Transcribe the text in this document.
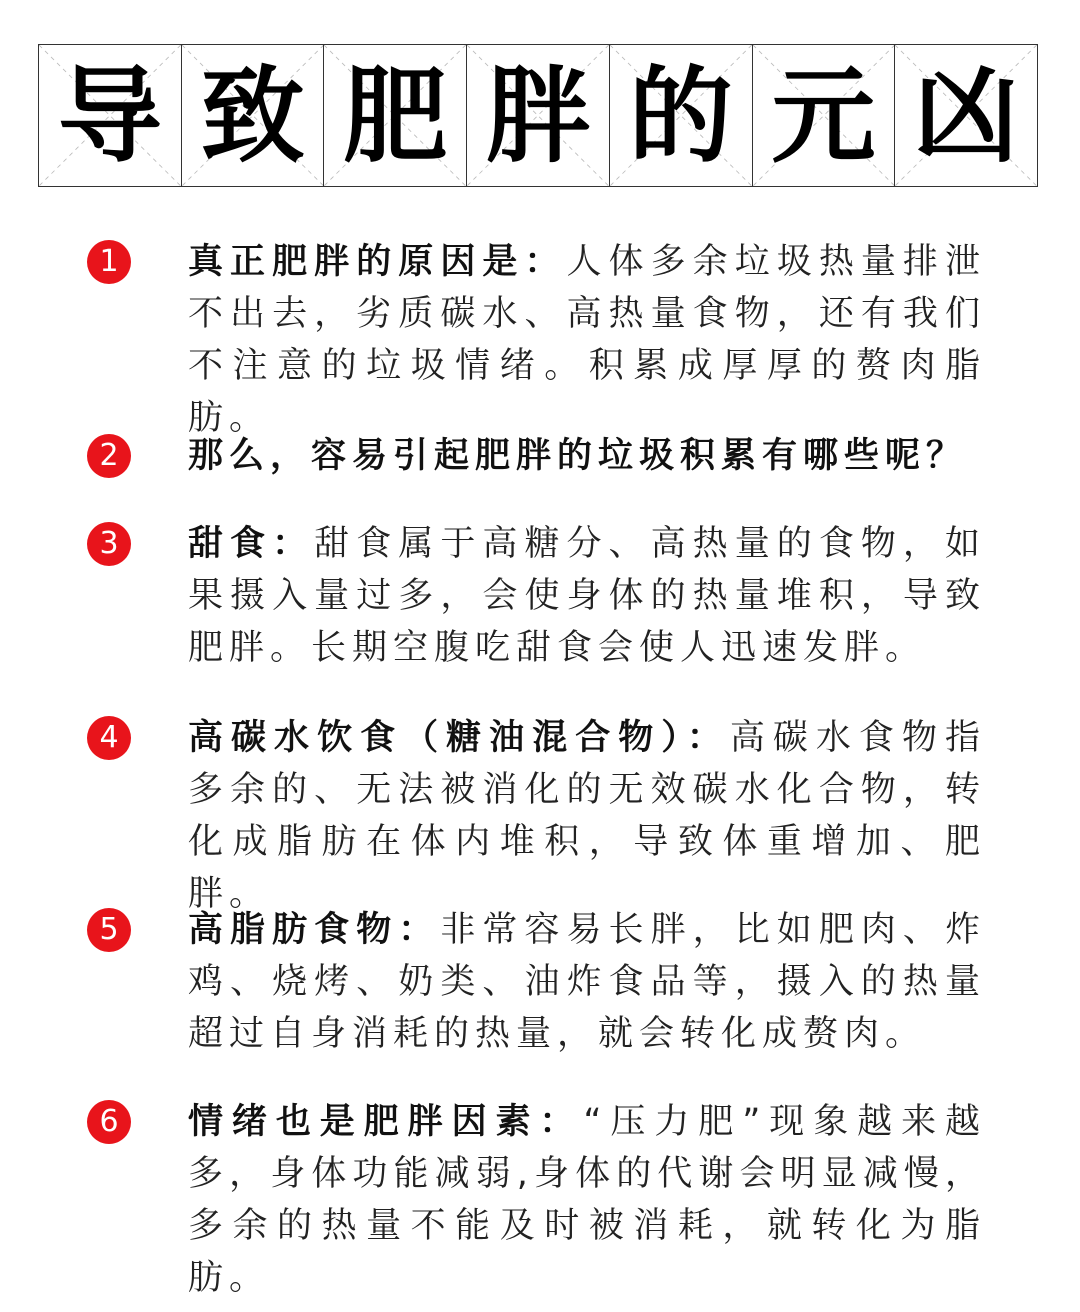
导 致 肥 胖 的 元 凶
1	真正肥胖的原因是：人体多余垃圾热量排泄不出去，劣质碳水、高热量食物，还有我们不注意的垃圾情绪。积累成厚厚的赘肉脂肪。
2	那么，容易引起肥胖的垃圾积累有哪些呢？
3	甜食：甜食属于高糖分、高热量的食物，如果摄入量过多，会使身体的热量堆积，导致肥胖。长期空腹吃甜食会使人迅速发胖。
4	高碳水饮食（糖油混合物）：高碳水食物指多余的、无法被消化的无效碳水化合物，转化成脂肪在体内堆积，导致体重增加、肥胖。
5	高脂肪食物：非常容易长胖，比如肥肉、炸鸡、烧烤、奶类、油炸食品等，摄入的热量超过自身消耗的热量，就会转化成赘肉。
6	情绪也是肥胖因素：“压力肥”现象越来越多，身体功能减弱,身体的代谢会明显减慢，多余的热量不能及时被消耗，就转化为脂肪。
